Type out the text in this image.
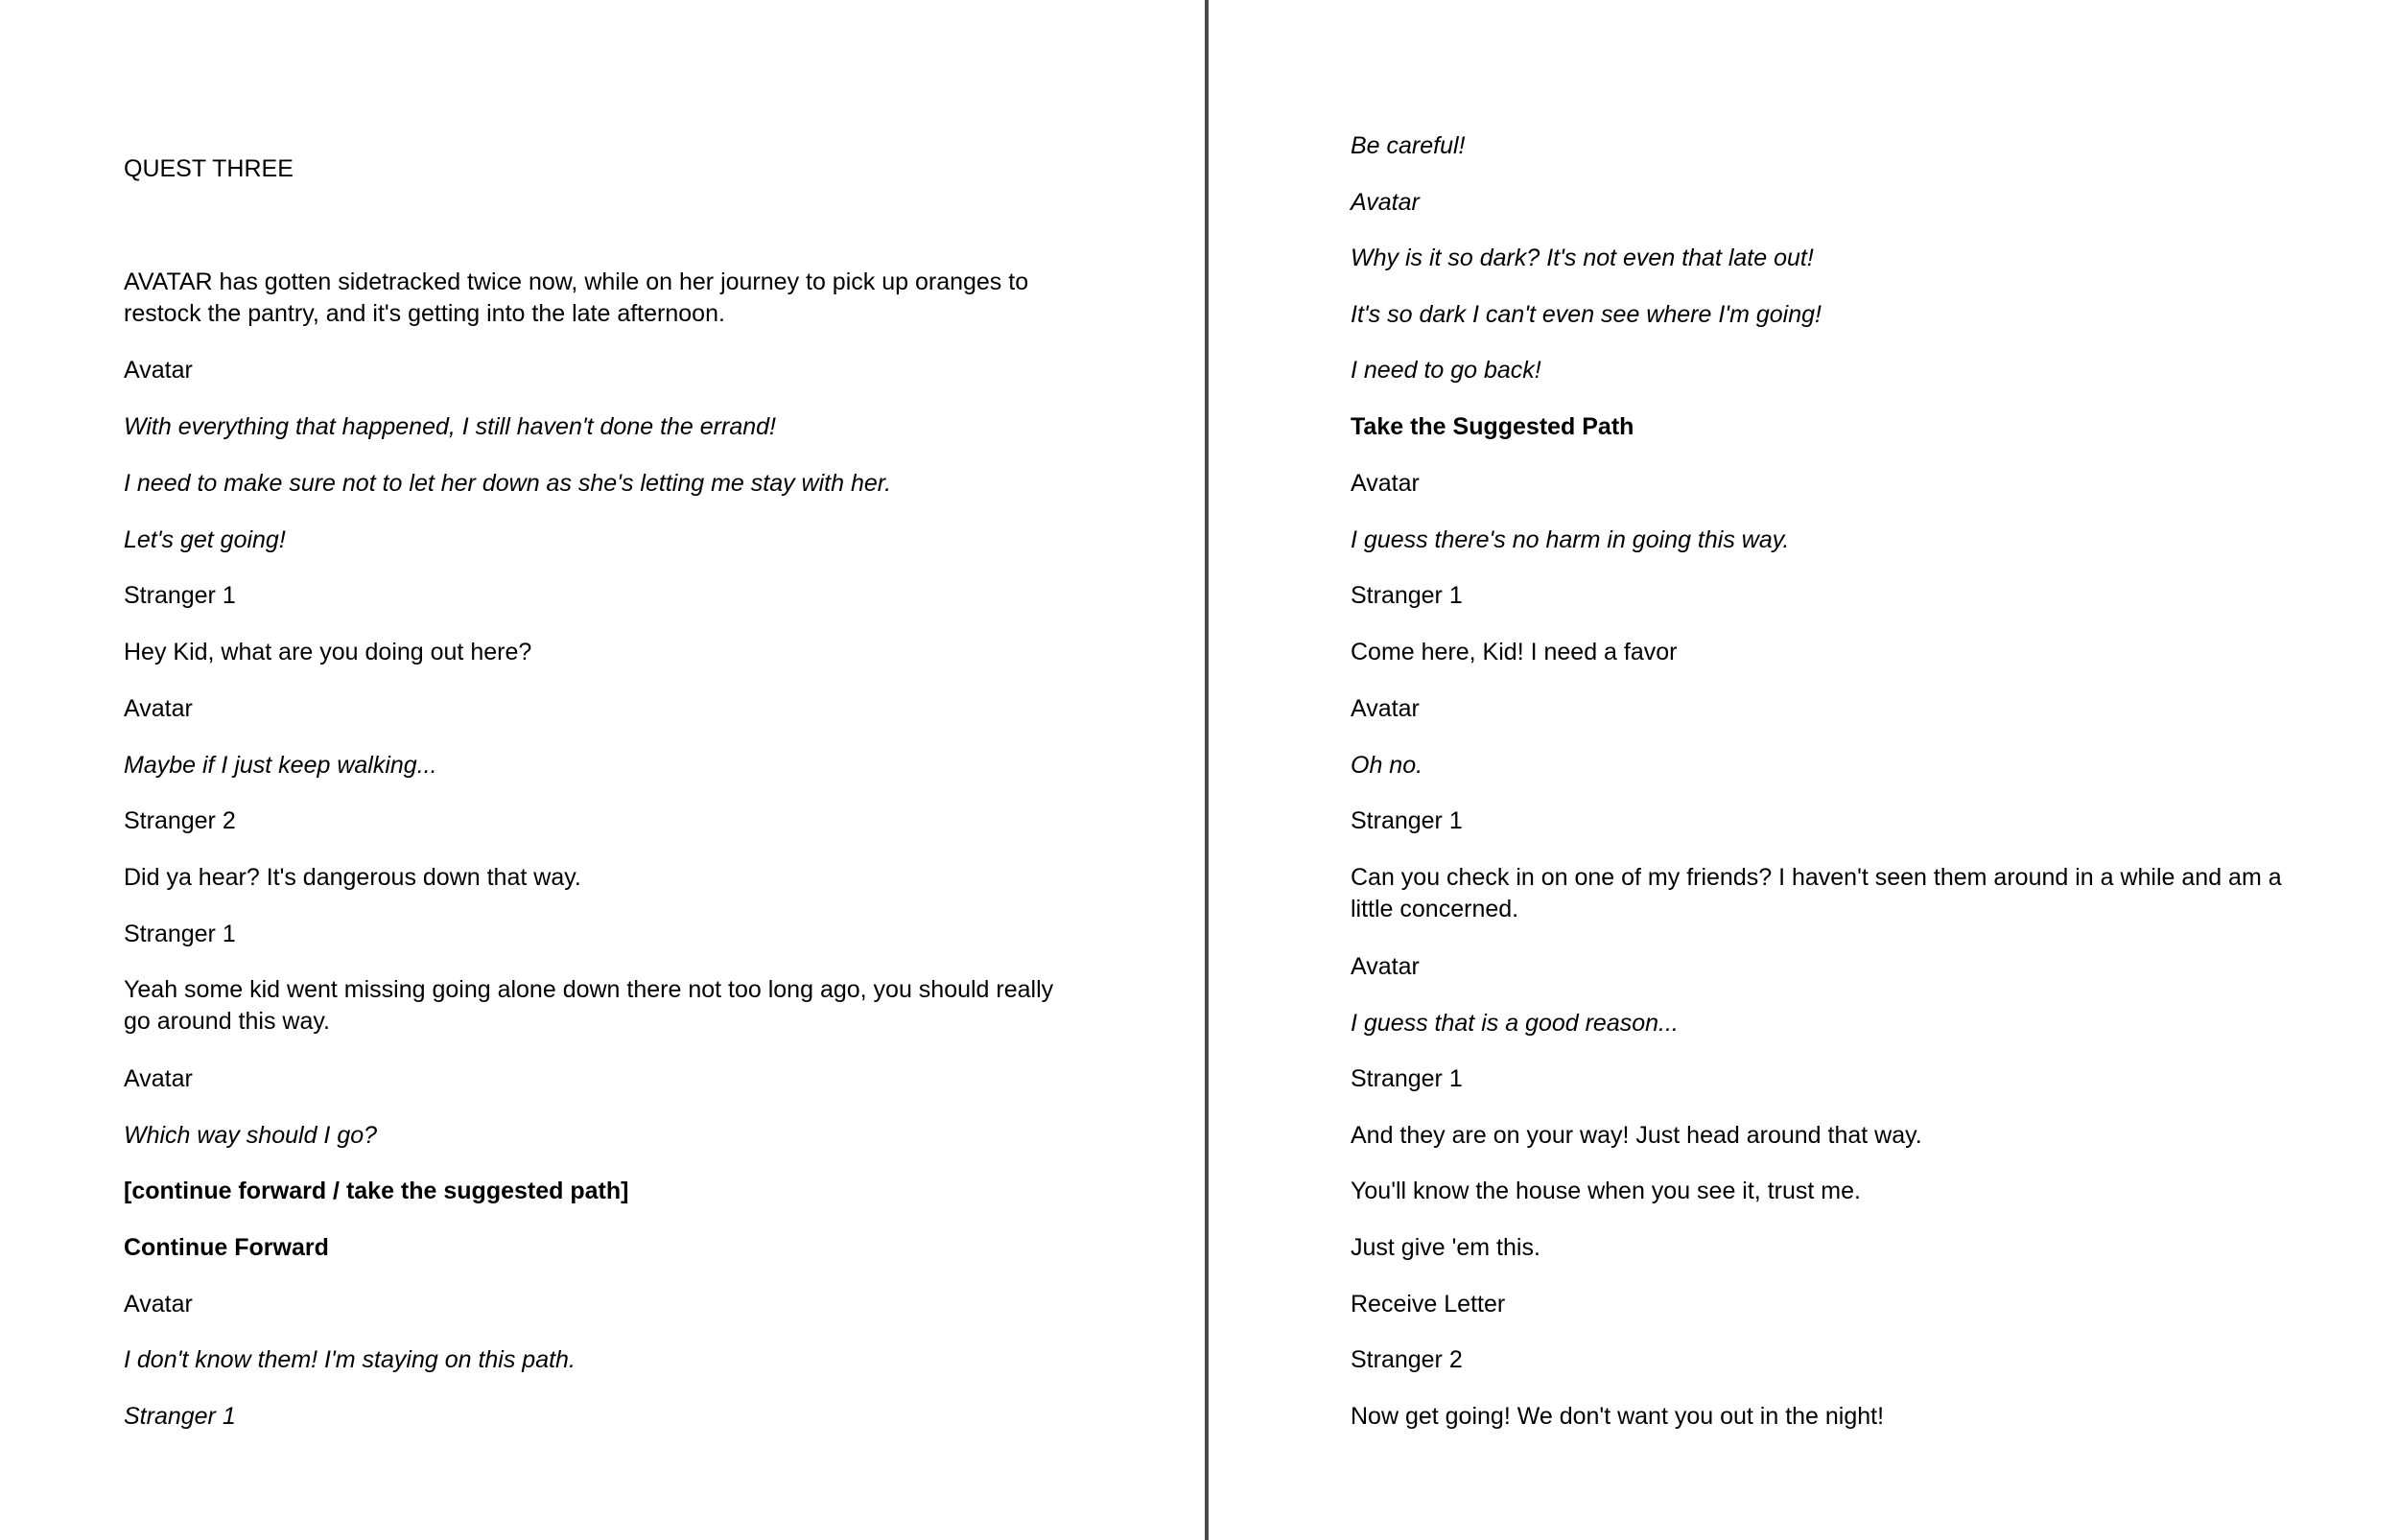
QUEST THREE

AVATAR has gotten sidetracked twice now, while on her journey to pick up oranges to restock the pantry, and it's getting into the late afternoon.

Avatar

With everything that happened, I still haven't done the errand!

I need to make sure not to let her down as she's letting me stay with her.

Let's get going!

Stranger 1

Hey Kid, what are you doing out here?

Avatar

Maybe if I just keep walking...

Stranger 2

Did ya hear? It's dangerous down that way.

Stranger 1

Yeah some kid went missing going alone down there not too long ago, you should really go around this way.

Avatar

Which way should I go?

[continue forward / take the suggested path]

Continue Forward

Avatar

I don't know them! I'm staying on this path.

Stranger 1

Be careful!

Avatar

Why is it so dark? It's not even that late out!

It's so dark I can't even see where I'm going!

I need to go back!

Take the Suggested Path

Avatar

I guess there's no harm in going this way.

Stranger 1

Come here, Kid! I need a favor

Avatar

Oh no.

Stranger 1

Can you check in on one of my friends? I haven't seen them around in a while and am a little concerned.

Avatar

I guess that is a good reason...

Stranger 1

And they are on your way! Just head around that way.

You'll know the house when you see it, trust me.

Just give 'em this.

Receive Letter

Stranger 2

Now get going! We don't want you out in the night!
